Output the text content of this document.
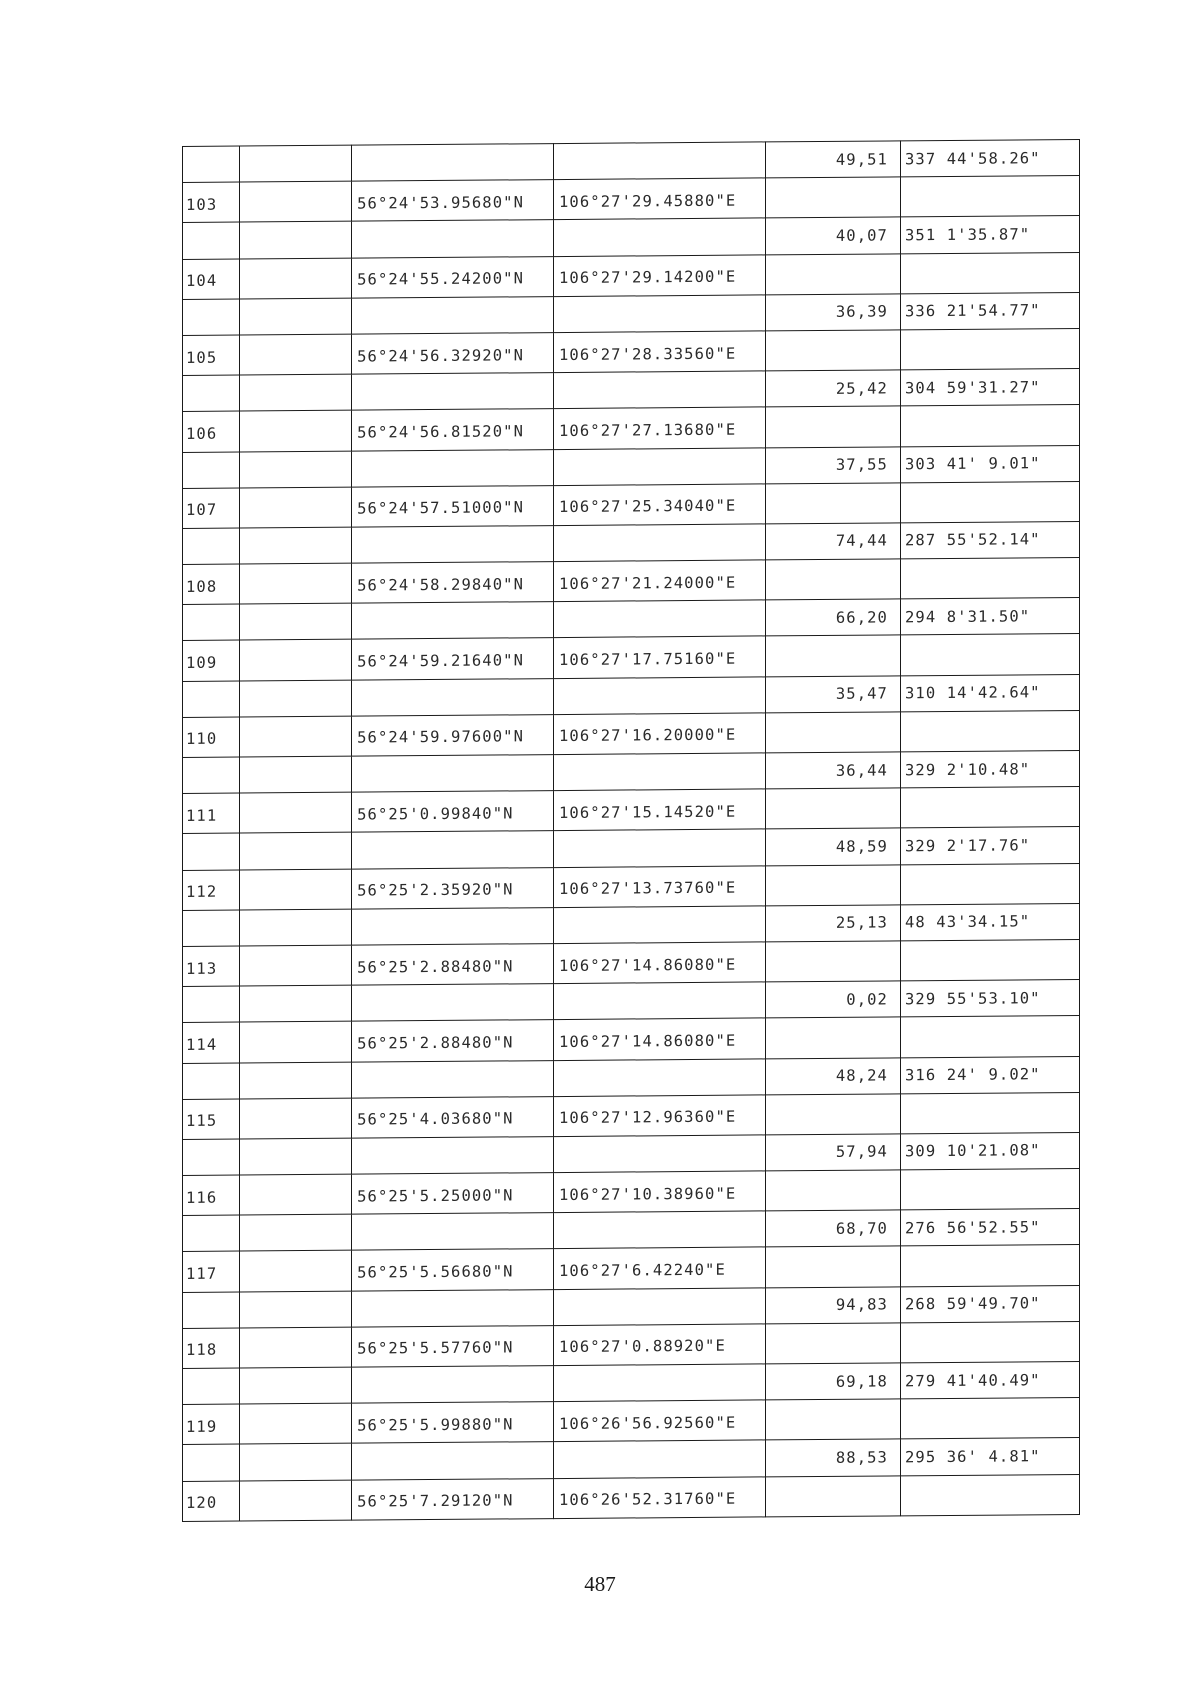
				49,51	337 44'58.26"
103		56°24'53.95680"N	106°27'29.45880"E		
				40,07	351 1'35.87"
104		56°24'55.24200"N	106°27'29.14200"E		
				36,39	336 21'54.77"
105		56°24'56.32920"N	106°27'28.33560"E		
				25,42	304 59'31.27"
106		56°24'56.81520"N	106°27'27.13680"E		
				37,55	303 41' 9.01"
107		56°24'57.51000"N	106°27'25.34040"E		
				74,44	287 55'52.14"
108		56°24'58.29840"N	106°27'21.24000"E		
				66,20	294 8'31.50"
109		56°24'59.21640"N	106°27'17.75160"E		
				35,47	310 14'42.64"
110		56°24'59.97600"N	106°27'16.20000"E		
				36,44	329 2'10.48"
111		56°25'0.99840"N	106°27'15.14520"E		
				48,59	329 2'17.76"
112		56°25'2.35920"N	106°27'13.73760"E		
				25,13	48 43'34.15"
113		56°25'2.88480"N	106°27'14.86080"E		
				0,02	329 55'53.10"
114		56°25'2.88480"N	106°27'14.86080"E		
				48,24	316 24' 9.02"
115		56°25'4.03680"N	106°27'12.96360"E		
				57,94	309 10'21.08"
116		56°25'5.25000"N	106°27'10.38960"E		
				68,70	276 56'52.55"
117		56°25'5.56680"N	106°27'6.42240"E		
				94,83	268 59'49.70"
118		56°25'5.57760"N	106°27'0.88920"E		
				69,18	279 41'40.49"
119		56°25'5.99880"N	106°26'56.92560"E		
				88,53	295 36' 4.81"
120		56°25'7.29120"N	106°26'52.31760"E		
487
